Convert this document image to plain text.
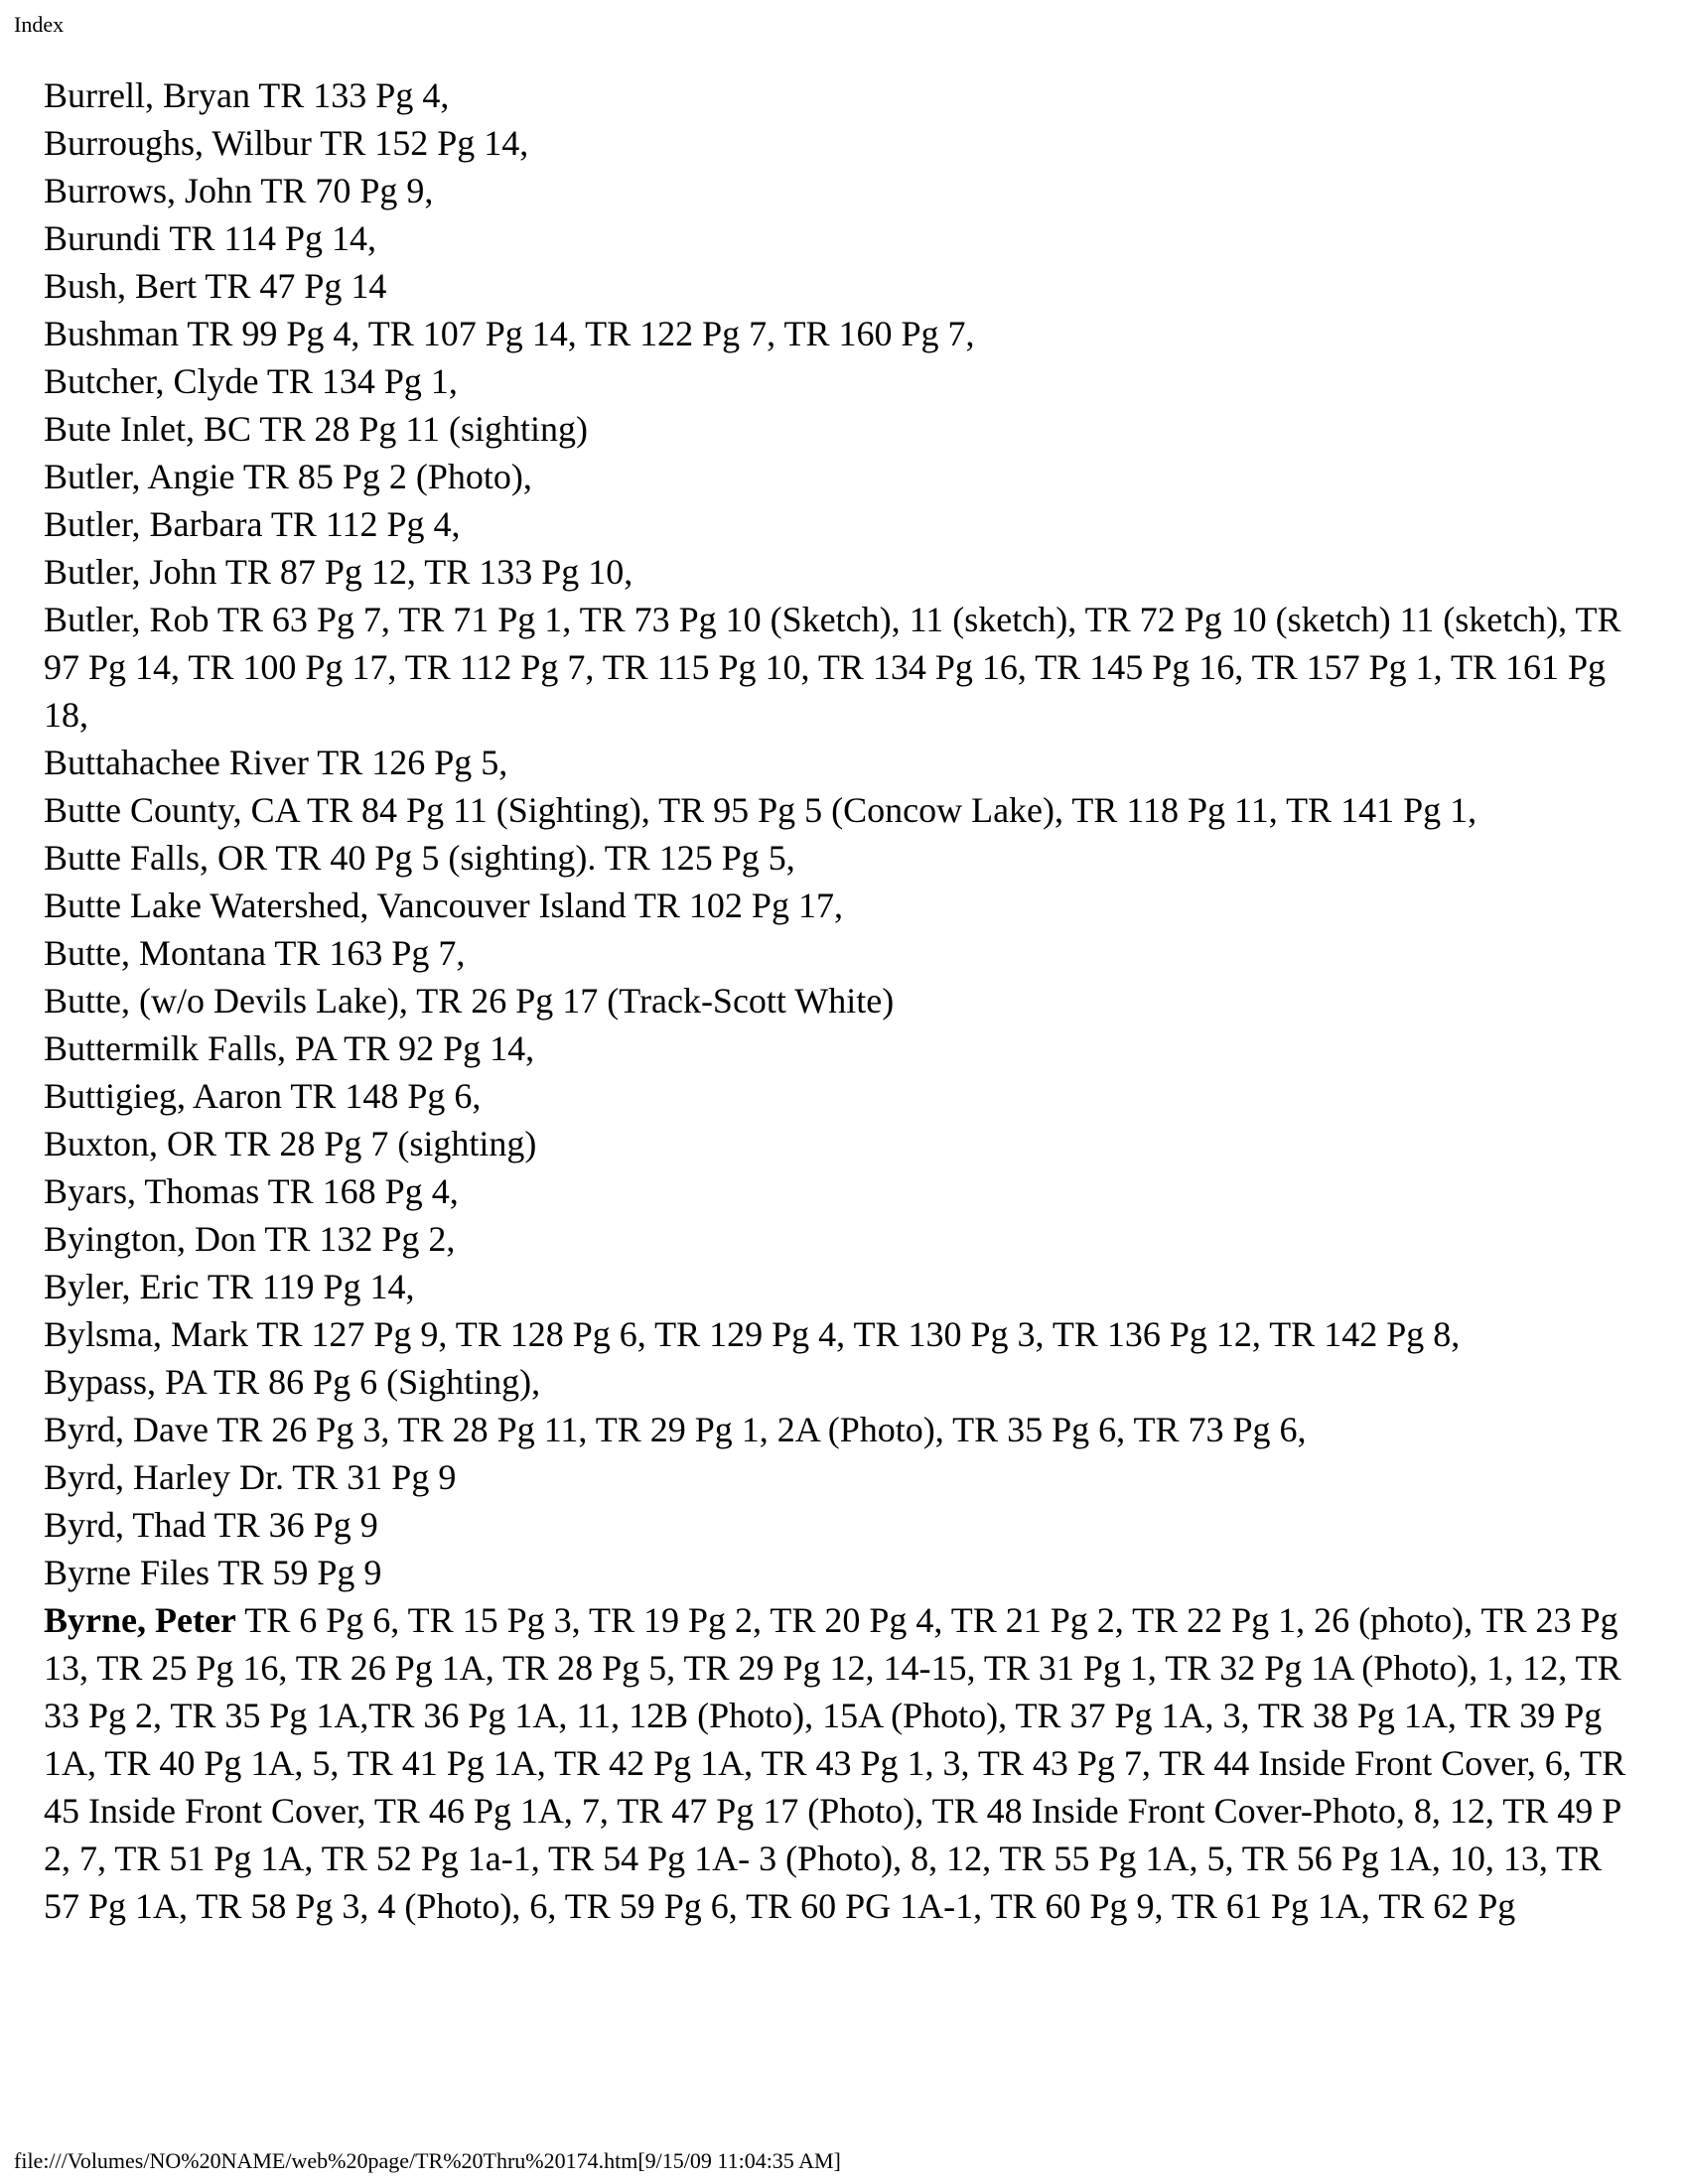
Index
Burrell, Bryan TR 133 Pg 4,
Burroughs, Wilbur TR 152 Pg 14,
Burrows, John TR 70 Pg 9,
Burundi TR 114 Pg 14,
Bush, Bert TR 47 Pg 14
Bushman TR 99 Pg 4, TR 107 Pg 14, TR 122 Pg 7, TR 160 Pg 7,
Butcher, Clyde TR 134 Pg 1,
Bute Inlet, BC TR 28 Pg 11 (sighting)
Butler, Angie TR 85 Pg 2 (Photo),
Butler, Barbara TR 112 Pg 4,
Butler, John TR 87 Pg 12, TR 133 Pg 10,
Butler, Rob TR 63 Pg 7, TR 71 Pg 1, TR 73 Pg 10 (Sketch), 11 (sketch), TR 72 Pg 10 (sketch) 11 (sketch), TR 97 Pg 14, TR 100 Pg 17, TR 112 Pg 7, TR 115 Pg 10, TR 134 Pg 16, TR 145 Pg 16, TR 157 Pg 1, TR 161 Pg 18,
Buttahachee River TR 126 Pg 5,
Butte County, CA TR 84 Pg 11 (Sighting), TR 95 Pg 5 (Concow Lake), TR 118 Pg 11, TR 141 Pg 1,
Butte Falls, OR TR 40 Pg 5 (sighting). TR 125 Pg 5,
Butte Lake Watershed, Vancouver Island TR 102 Pg 17,
Butte, Montana TR 163 Pg 7,
Butte, (w/o Devils Lake), TR 26 Pg 17 (Track-Scott White)
Buttermilk Falls, PA TR 92 Pg 14,
Buttigieg, Aaron TR 148 Pg 6,
Buxton, OR TR 28 Pg 7 (sighting)
Byars, Thomas TR 168 Pg 4,
Byington, Don TR 132 Pg 2,
Byler, Eric TR 119 Pg 14,
Bylsma, Mark TR 127 Pg 9, TR 128 Pg 6, TR 129 Pg 4, TR 130 Pg 3, TR 136 Pg 12, TR 142 Pg 8,
Bypass, PA TR 86 Pg 6 (Sighting),
Byrd, Dave TR 26 Pg 3, TR 28 Pg 11, TR 29 Pg 1, 2A (Photo), TR 35 Pg 6, TR 73 Pg 6,
Byrd, Harley Dr. TR 31 Pg 9
Byrd, Thad TR 36 Pg 9
Byrne Files TR 59 Pg 9
Byrne, Peter TR 6 Pg 6, TR 15 Pg 3, TR 19 Pg 2, TR 20 Pg 4, TR 21 Pg 2, TR 22 Pg 1, 26 (photo), TR 23 Pg 13, TR 25 Pg 16, TR 26 Pg 1A, TR 28 Pg 5, TR 29 Pg 12, 14-15, TR 31 Pg 1, TR 32 Pg 1A (Photo), 1, 12, TR 33 Pg 2, TR 35 Pg 1A,TR 36 Pg 1A, 11, 12B (Photo), 15A (Photo), TR 37 Pg 1A, 3, TR 38 Pg 1A, TR 39 Pg 1A, TR 40 Pg 1A, 5, TR 41 Pg 1A, TR 42 Pg 1A, TR 43 Pg 1, 3, TR 43 Pg 7, TR 44 Inside Front Cover, 6, TR 45 Inside Front Cover, TR 46 Pg 1A, 7, TR 47 Pg 17 (Photo), TR 48 Inside Front Cover-Photo, 8, 12, TR 49 P 2, 7, TR 51 Pg 1A, TR 52 Pg 1a-1, TR 54 Pg 1A- 3 (Photo), 8, 12, TR 55 Pg 1A, 5, TR 56 Pg 1A, 10, 13, TR 57 Pg 1A, TR 58 Pg 3, 4 (Photo), 6, TR 59 Pg 6, TR 60 PG 1A-1, TR 60 Pg 9, TR 61 Pg 1A, TR 62 Pg
file:///Volumes/NO%20NAME/web%20page/TR%20Thru%20174.htm[9/15/09 11:04:35 AM]
